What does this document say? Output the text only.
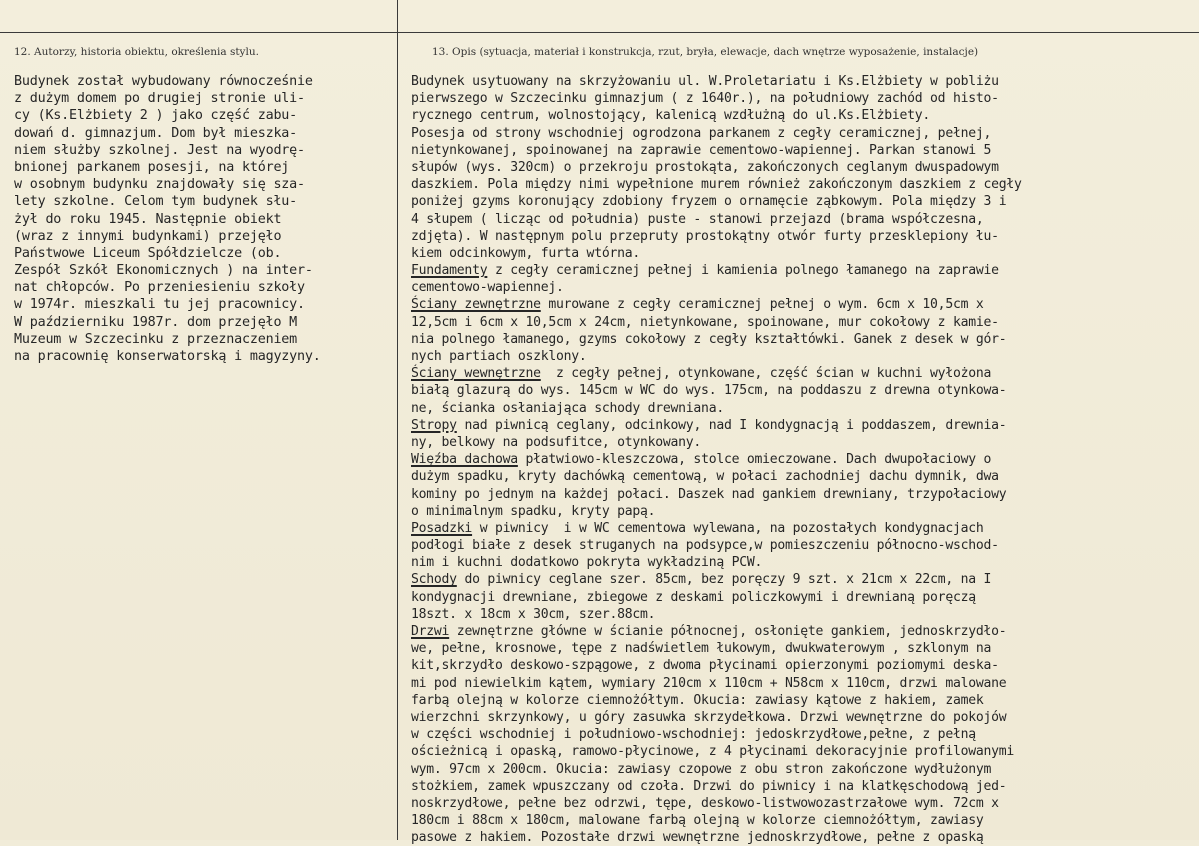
12. Autorzy, historia obiektu, określenia stylu.	13. Opis (sytuacja, materiał i konstrukcja, rzut, bryła, elewacje, dach wnętrze wyposażenie, instalacje)
Budynek został wybudowany równocześnie
z dużym domem po drugiej stronie uli-
cy (Ks.Elżbiety 2 ) jako część zabu-
dowań d. gimnazjum. Dom był mieszka-
niem służby szkolnej. Jest na wyodrę-
bnionej parkanem posesji, na której
w osobnym budynku znajdowały się sza-
lety szkolne. Celom tym budynek słu-
żył do roku 1945. Następnie obiekt
(wraz z innymi budynkami) przejęło
Państwowe Liceum Spółdzielcze (ob.
Zespół Szkół Ekonomicznych ) na inter-
nat chłopców. Po przeniesieniu szkoły
w 1974r. mieszkali tu jej pracownicy.
W październiku 1987r. dom przejęło M
Muzeum w Szczecinku z przeznaczeniem
na pracownię konserwatorską i magyzyny.
Budynek usytuowany na skrzyżowaniu ul. W.Proletariatu i Ks.Elżbiety w pobliżu
pierwszego w Szczecinku gimnazjum ( z 1640r.), na południowy zachód od histo-
rycznego centrum, wolnostojący, kalenicą wzdłużną do ul.Ks.Elżbiety.
Posesja od strony wschodniej ogrodzona parkanem z cegły ceramicznej, pełnej,
nietynkowanej, spoinowanej na zaprawie cementowo-wapiennej. Parkan stanowi 5
słupów (wys. 320cm) o przekroju prostokąta, zakończonych ceglanym dwuspadowym
daszkiem. Pola między nimi wypełnione murem również zakończonym daszkiem z cegły
poniżej gzyms koronujący zdobiony fryzem o ornamęcie ząbkowym. Pola między 3 i
4 słupem ( licząc od południa) puste - stanowi przejazd (brama współczesna,
zdjęta). W następnym polu przepruty prostokątny otwór furty przesklepiony łu-
kiem odcinkowym, furta wtórna.
Fundamenty z cegły ceramicznej pełnej i kamienia polnego łamanego na zaprawie
cementowo-wapiennej.
Ściany zewnętrzne murowane z cegły ceramicznej pełnej o wym. 6cm x 10,5cm x
12,5cm i 6cm x 10,5cm x 24cm, nietynkowane, spoinowane, mur cokołowy z kamie-
nia polnego łamanego, gzyms cokołowy z cegły kształtówki. Ganek z desek w gór-
nych partiach oszklony.
Ściany wewnętrzne  z cegły pełnej, otynkowane, część ścian w kuchni wyłożona
białą glazurą do wys. 145cm w WC do wys. 175cm, na poddaszu z drewna otynkowa-
ne, ścianka osłaniająca schody drewniana.
Stropy nad piwnicą ceglany, odcinkowy, nad I kondygnacją i poddaszem, drewnia-
ny, belkowy na podsufitce, otynkowany.
Więźba dachowa płatwiowo-kleszczowa, stolce omieczowane. Dach dwupołaciowy o
dużym spadku, kryty dachówką cementową, w połaci zachodniej dachu dymnik, dwa
kominy po jednym na każdej połaci. Daszek nad gankiem drewniany, trzypołaciowy
o minimalnym spadku, kryty papą.
Posadzki w piwnicy  i w WC cementowa wylewana, na pozostałych kondygnacjach
podłogi białe z desek struganych na podsypce,w pomieszczeniu północno-wschod-
nim i kuchni dodatkowo pokryta wykładziną PCW.
Schody do piwnicy ceglane szer. 85cm, bez poręczy 9 szt. x 21cm x 22cm, na I
kondygnacji drewniane, zbiegowe z deskami policzkowymi i drewnianą poręczą
18szt. x 18cm x 30cm, szer.88cm.
Drzwi zewnętrzne główne w ścianie północnej, osłonięte gankiem, jednoskrzydło-
we, pełne, krosnowe, tępe z nadświetlem łukowym, dwukwaterowym , szklonym na
kit,skrzydło deskowo-szpągowe, z dwoma płycinami opierzonymi poziomymi deska-
mi pod niewielkim kątem, wymiary 210cm x 110cm + N58cm x 110cm, drzwi malowane
farbą olejną w kolorze ciemnożółtym. Okucia: zawiasy kątowe z hakiem, zamek
wierzchni skrzynkowy, u góry zasuwka skrzydełkowa. Drzwi wewnętrzne do pokojów
w części wschodniej i południowo-wschodniej: jedoskrzydłowe,pełne, z pełną
ościeżnicą i opaską, ramowo-płycinowe, z 4 płycinami dekoracyjnie profilowanymi
wym. 97cm x 200cm. Okucia: zawiasy czopowe z obu stron zakończone wydłużonym
stożkiem, zamek wpuszczany od czoła. Drzwi do piwnicy i na klatkęschodową jed-
noskrzydłowe, pełne bez odrzwi, tępe, deskowo-listwowozastrzałowe wym. 72cm x
180cm i 88cm x 180cm, malowane farbą olejną w kolorze ciemnożółtym, zawiasy
pasowe z hakiem. Pozostałe drzwi wewnętrzne jednoskrzydłowe, pełne z opaską
